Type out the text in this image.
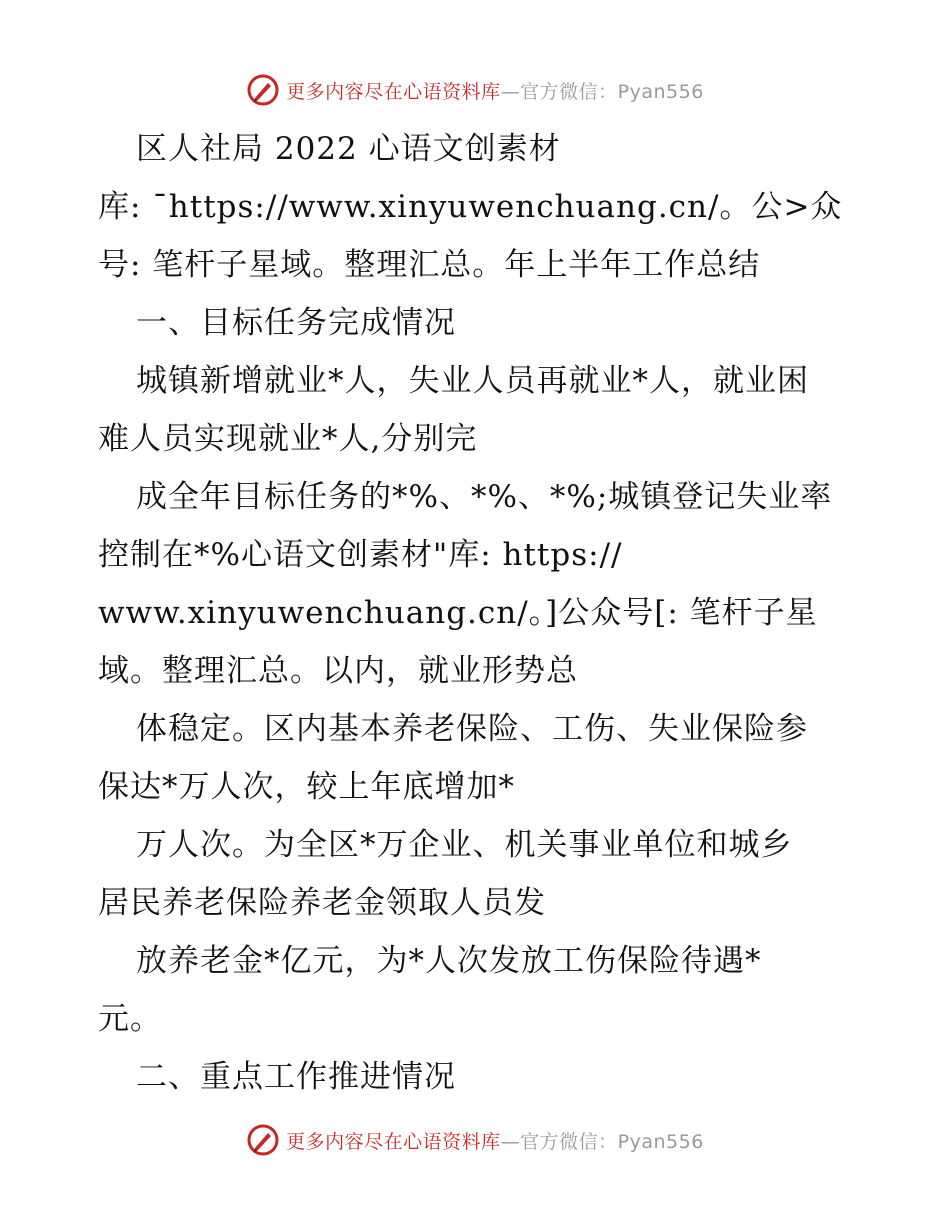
更多内容尽在心语资料库—官方微信：Pyan556
区人社局 2022 心语文创素材
库: ¯https://www.xinyuwenchuang.cn/。公>众
号: 笔杆子星域。整理汇总。年上半年工作总结
一、目标任务完成情况
城镇新增就业*人，失业人员再就业*人，就业困
难人员实现就业*人,分别完
成全年目标任务的*%、*%、*%;城镇登记失业率
控制在*%心语文创素材"库: https://
www.xinyuwenchuang.cn/。]公众号[: 笔杆子星
域。整理汇总。以内，就业形势总
体稳定。区内基本养老保险、工伤、失业保险参
保达*万人次，较上年底增加*
万人次。为全区*万企业、机关事业单位和城乡
居民养老保险养老金领取人员发
放养老金*亿元，为*人次发放工伤保险待遇*
元。
二、重点工作推进情况
更多内容尽在心语资料库—官方微信：Pyan556
